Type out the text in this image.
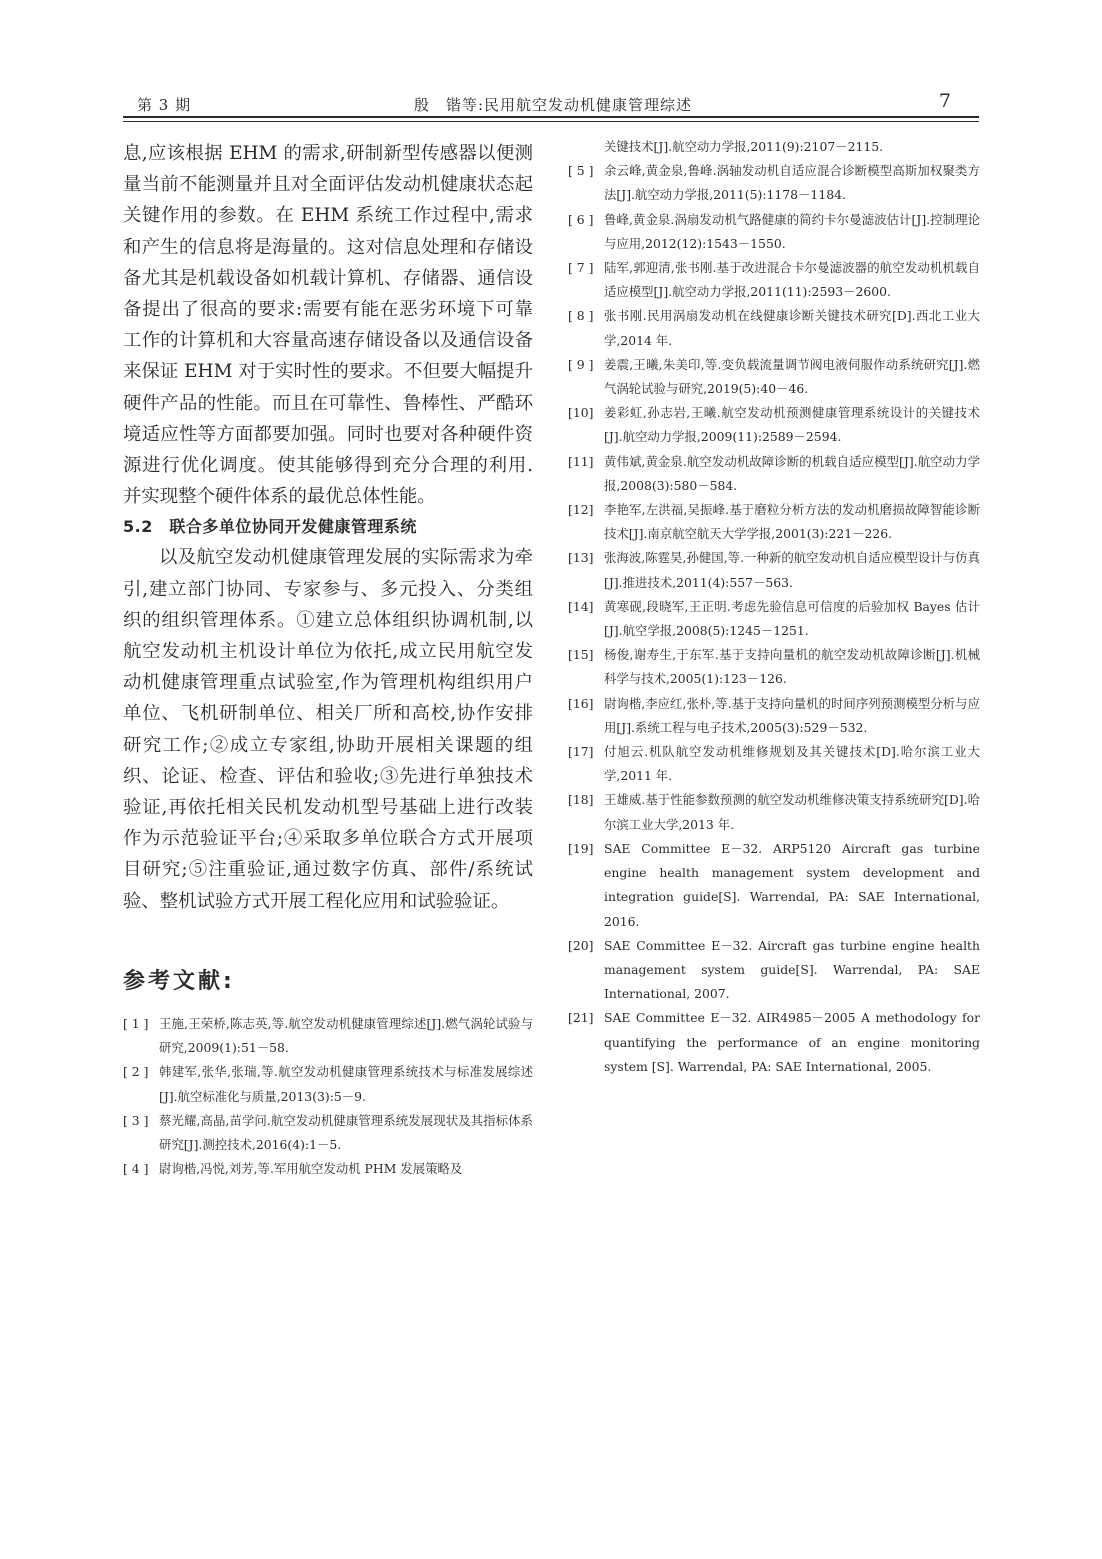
第 3 期	殷　锴等:民用航空发动机健康管理综述	7

息,应该根据 EHM 的需求,研制新型传感器以便测量当前不能测量并且对全面评估发动机健康状态起关键作用的参数。在 EHM 系统工作过程中,需求和产生的信息将是海量的。这对信息处理和存储设备尤其是机载设备如机载计算机、存储器、通信设备提出了很高的要求:需要有能在恶劣环境下可靠工作的计算机和大容量高速存储设备以及通信设备来保证 EHM 对于实时性的要求。不但要大幅提升硬件产品的性能。而且在可靠性、鲁棒性、严酷环境适应性等方面都要加强。同时也要对各种硬件资源进行优化调度。使其能够得到充分合理的利用.并实现整个硬件体系的最优总体性能。

5.2　联合多单位协同开发健康管理系统

以及航空发动机健康管理发展的实际需求为牵引,建立部门协同、专家参与、多元投入、分类组织的组织管理体系。①建立总体组织协调机制,以航空发动机主机设计单位为依托,成立民用航空发动机健康管理重点试验室,作为管理机构组织用户单位、飞机研制单位、相关厂所和高校,协作安排研究工作;②成立专家组,协助开展相关课题的组织、论证、检查、评估和验收;③先进行单独技术验证,再依托相关民机发动机型号基础上进行改装作为示范验证平台;④采取多单位联合方式开展项目研究;⑤注重验证,通过数字仿真、部件/系统试验、整机试验方式开展工程化应用和试验验证。

参考文献:
[ 1 ] 王施,王荣桥,陈志英,等.航空发动机健康管理综述[J].燃气涡轮试验与研究,2009(1):51－58.
[ 2 ] 韩建军,张华,张瑞,等.航空发动机健康管理系统技术与标准发展综述[J].航空标准化与质量,2013(3):5－9.
[ 3 ] 蔡光耀,高晶,苗学问.航空发动机健康管理系统发展现状及其指标体系研究[J].测控技术,2016(4):1－5.
[ 4 ] 尉询楷,冯悦,刘芳,等.军用航空发动机 PHM 发展策略及
关键技术[J].航空动力学报,2011(9):2107－2115.
[ 5 ] 余云峰,黄金泉,鲁峰.涡轴发动机自适应混合诊断模型高斯加权聚类方法[J].航空动力学报,2011(5):1178－1184.
[ 6 ] 鲁峰,黄金泉.涡扇发动机气路健康的简约卡尔曼滤波估计[J].控制理论与应用,2012(12):1543－1550.
[ 7 ] 陆军,郭迎清,张书刚.基于改进混合卡尔曼滤波器的航空发动机机载自适应模型[J].航空动力学报,2011(11):2593－2600.
[ 8 ] 张书刚.民用涡扇发动机在线健康诊断关键技术研究[D].西北工业大学,2014 年.
[ 9 ] 姜震,王曦,朱美印,等.变负载流量调节阀电液伺服作动系统研究[J].燃气涡轮试验与研究,2019(5):40－46.
[10] 姜彩虹,孙志岩,王曦.航空发动机预测健康管理系统设计的关键技术[J].航空动力学报,2009(11):2589－2594.
[11] 黄伟斌,黄金泉.航空发动机故障诊断的机载自适应模型[J].航空动力学报,2008(3):580－584.
[12] 李艳军,左洪福,吴振峰.基于磨粒分析方法的发动机磨损故障智能诊断技术[J].南京航空航天大学学报,2001(3):221－226.
[13] 张海波,陈霆昊,孙健国,等.一种新的航空发动机自适应模型设计与仿真[J].推进技术,2011(4):557－563.
[14] 黄寒砚,段晓军,王正明.考虑先验信息可信度的后验加权 Bayes 估计[J].航空学报,2008(5):1245－1251.
[15] 杨俊,谢寿生,于东军.基于支持向量机的航空发动机故障诊断[J].机械科学与技术,2005(1):123－126.
[16] 尉询楷,李应红,张朴,等.基于支持向量机的时间序列预测模型分析与应用[J].系统工程与电子技术,2005(3):529－532.
[17] 付旭云.机队航空发动机维修规划及其关键技术[D].哈尔滨工业大学,2011 年.
[18] 王雄威.基于性能参数预测的航空发动机维修决策支持系统研究[D].哈尔滨工业大学,2013 年.
[19] SAE Committee E－32. ARP5120 Aircraft gas turbine engine health management system development and integration guide[S]. Warrendal, PA: SAE International, 2016.
[20] SAE Committee E－32. Aircraft gas turbine engine health management system guide[S]. Warrendal, PA: SAE International, 2007.
[21] SAE Committee E－32. AIR4985－2005 A methodology for quantifying the performance of an engine monitoring system [S]. Warrendal, PA: SAE International, 2005.
